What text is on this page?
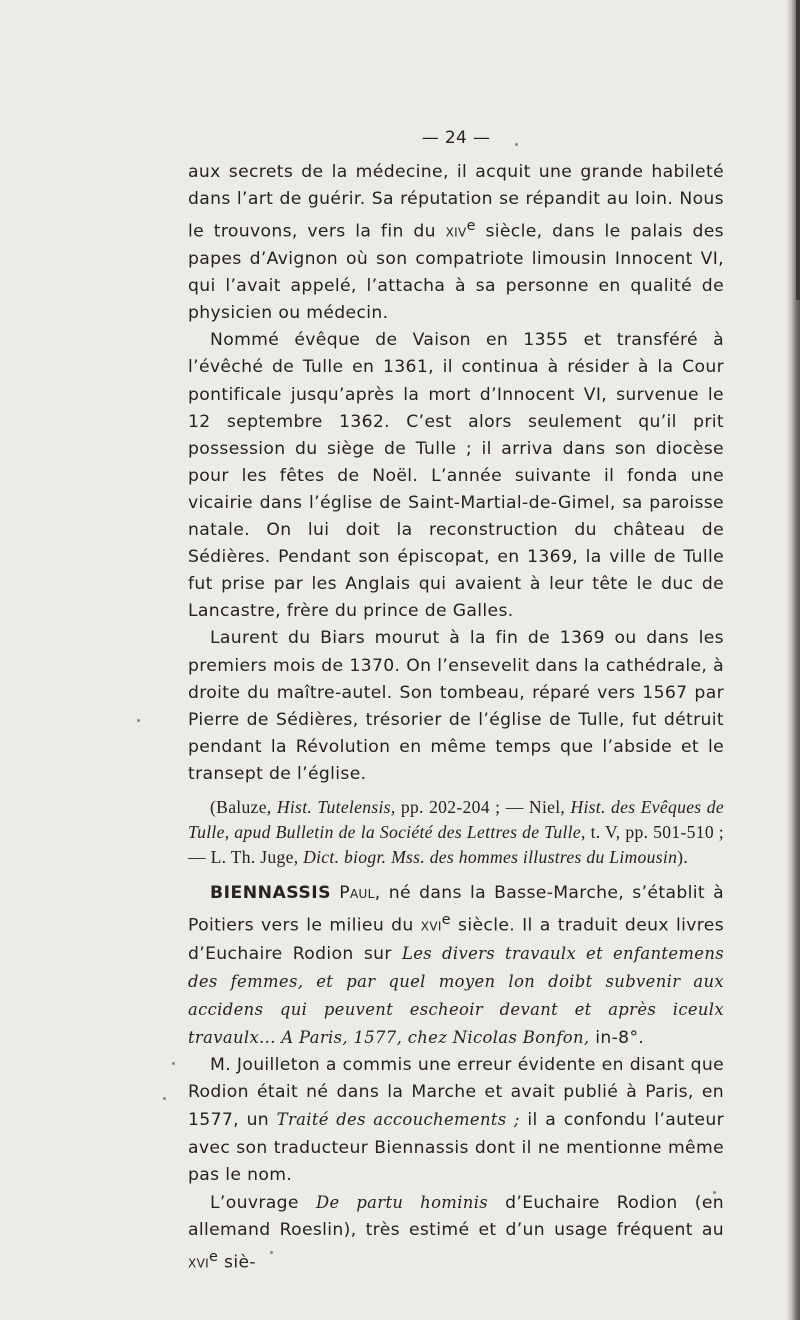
— 24 —

aux secrets de la médecine, il acquit une grande habileté dans l’art de guérir. Sa réputation se répandit au loin. Nous le trouvons, vers la fin du xiv$^e$ siècle, dans le palais des papes d’Avignon où son compatriote limousin Innocent VI, qui l’avait appelé, l’attacha à sa personne en qualité de physicien ou médecin.

Nommé évêque de Vaison en 1355 et transféré à l’évêché de Tulle en 1361, il continua à résider à la Cour pontificale jusqu’après la mort d’Innocent VI, survenue le 12 septembre 1362. C’est alors seulement qu’il prit possession du siège de Tulle ; il arriva dans son diocèse pour les fêtes de Noël. L’année suivante il fonda une vicairie dans l’église de Saint-Martial-de-Gimel, sa paroisse natale. On lui doit la reconstruction du château de Sédières. Pendant son épiscopat, en 1369, la ville de Tulle fut prise par les Anglais qui avaient à leur tête le duc de Lancastre, frère du prince de Galles.

Laurent du Biars mourut à la fin de 1369 ou dans les premiers mois de 1370. On l’ensevelit dans la cathédrale, à droite du maître-autel. Son tombeau, réparé vers 1567 par Pierre de Sédières, trésorier de l’église de Tulle, fut détruit pendant la Révolution en même temps que l’abside et le transept de l’église.

(Baluze, Hist. Tutelensis, pp. 202-204 ; — Niel, Hist. des Evêques de Tulle, apud Bulletin de la Société des Lettres de Tulle, t. V, pp. 501-510 ; — L. Th. Juge, Dict. biogr. Mss. des hommes illustres du Limousin).

BIENNASSIS Paul, né dans la Basse-Marche, s’établit à Poitiers vers le milieu du xvi$^e$ siècle. Il a traduit deux livres d’Euchaire Rodion sur Les divers travaulx et enfantemens des femmes, et par quel moyen lon doibt subvenir aux accidens qui peuvent escheoir devant et après iceulx travaulx... A Paris, 1577, chez Nicolas Bonfon, in-8°.

M. Jouilleton a commis une erreur évidente en disant que Rodion était né dans la Marche et avait publié à Paris, en 1577, un Traité des accouchements ; il a confondu l’auteur avec son traducteur Biennassis dont il ne mentionne même pas le nom.

L’ouvrage De partu hominis d’Euchaire Rodion (en allemand Roeslin), très estimé et d’un usage fréquent au xvi$^e$ siè-
